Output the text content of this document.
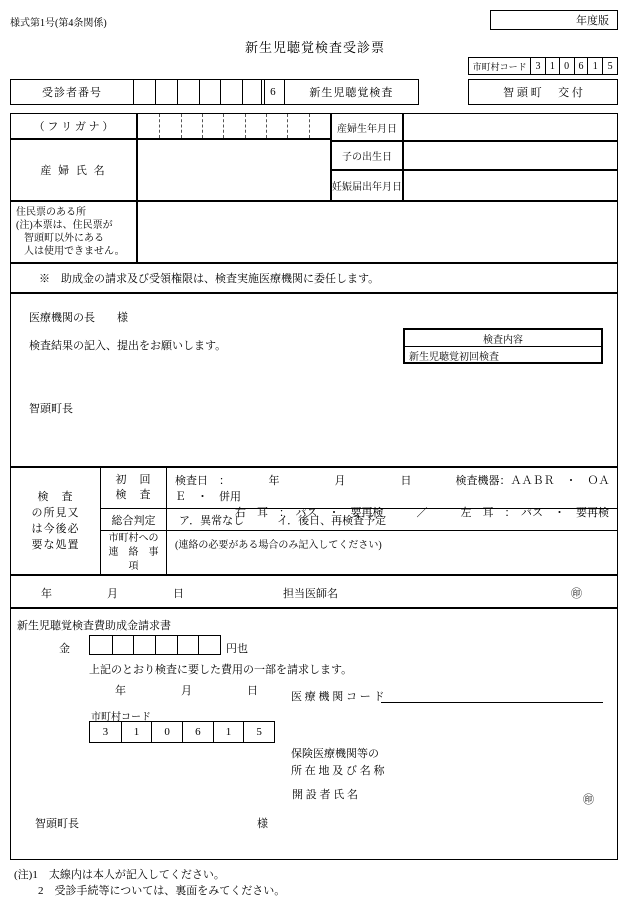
様式第1号(第4条関係)	年度版
新生児聴覚検査受診票
市町村コード 3 1 0 6 1 5
受診者番号	6	新生児聴覚検査	智 頭 町 　 交 付
（ フ リ ガ ナ ）
産 婦 氏 名
産婦生年月日
子の出生日
妊娠届出年月日
住民票のある所
(注)本票は、住民票が
智頭町以外にある
人は使用できません。
※　助成金の請求及び受領権限は、検査実施医療機関に委任します。
医療機関の長　　様
検査結果の記入、提出をお願いします。
智頭町長
検査内容
新生児聴覚初回検査
検　査
の所見又
は今後必
要な処置
初　回
検　査
検査日　：　　　　年　　　　　月　　　　　日　　　　検査機器：ＡＡＢＲ　・　ＯＡＥ　・　併用
右　耳　：　パス　・　要再検　　　／　　　左　耳　：　パス　・　要再検
総合判定	ア．異常なし　　　イ．後日、再検査予定
市町村への
連　絡　事　項
(連絡の必要がある場合のみ記入してください)
年　　　　　月　　　　　日　　　　　　　　　担当医師名	㊞
新生児聴覚検査費助成金請求書
金	円也
上記のとおり検査に要した費用の一部を請求します。
年　　　　　月　　　　　日
市町村コード
3	1	0	6	1	5
医 療 機 関 コ ー ド
保険医療機関等の
所 在 地 及 び 名 称
開 設 者 氏 名	㊞
智頭町長	様
(注)1　太線内は本人が記入してください。
2　受診手続等については、裏面をみてください。
